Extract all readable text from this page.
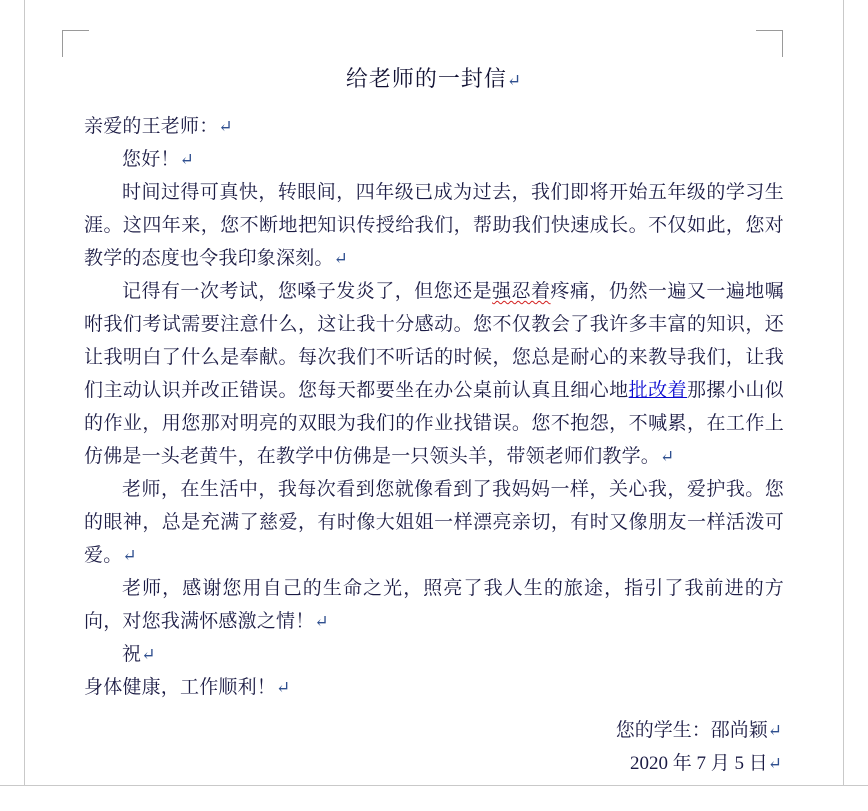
给老师的一封信↵

亲爱的王老师：↵

您好！↵

时间过得可真快，转眼间，四年级已成为过去，我们即将开始五年级的学习生涯。这四年来，您不断地把知识传授给我们，帮助我们快速成长。不仅如此，您对教学的态度也令我印象深刻。↵

记得有一次考试，您嗓子发炎了，但您还是强忍着疼痛，仍然一遍又一遍地嘱咐我们考试需要注意什么，这让我十分感动。您不仅教会了我许多丰富的知识，还让我明白了什么是奉献。每次我们不听话的时候，您总是耐心的来教导我们，让我们主动认识并改正错误。您每天都要坐在办公桌前认真且细心地批改着那摞小山似的作业，用您那对明亮的双眼为我们的作业找错误。您不抱怨，不喊累，在工作上仿佛是一头老黄牛，在教学中仿佛是一只领头羊，带领老师们教学。↵

老师，在生活中，我每次看到您就像看到了我妈妈一样，关心我，爱护我。您的眼神，总是充满了慈爱，有时像大姐姐一样漂亮亲切，有时又像朋友一样活泼可爱。↵

老师，感谢您用自己的生命之光，照亮了我人生的旅途，指引了我前进的方向，对您我满怀感激之情！↵

祝↵

身体健康，工作顺利！↵

您的学生：邵尚颖↵

2020 年 7 月 5 日↵
